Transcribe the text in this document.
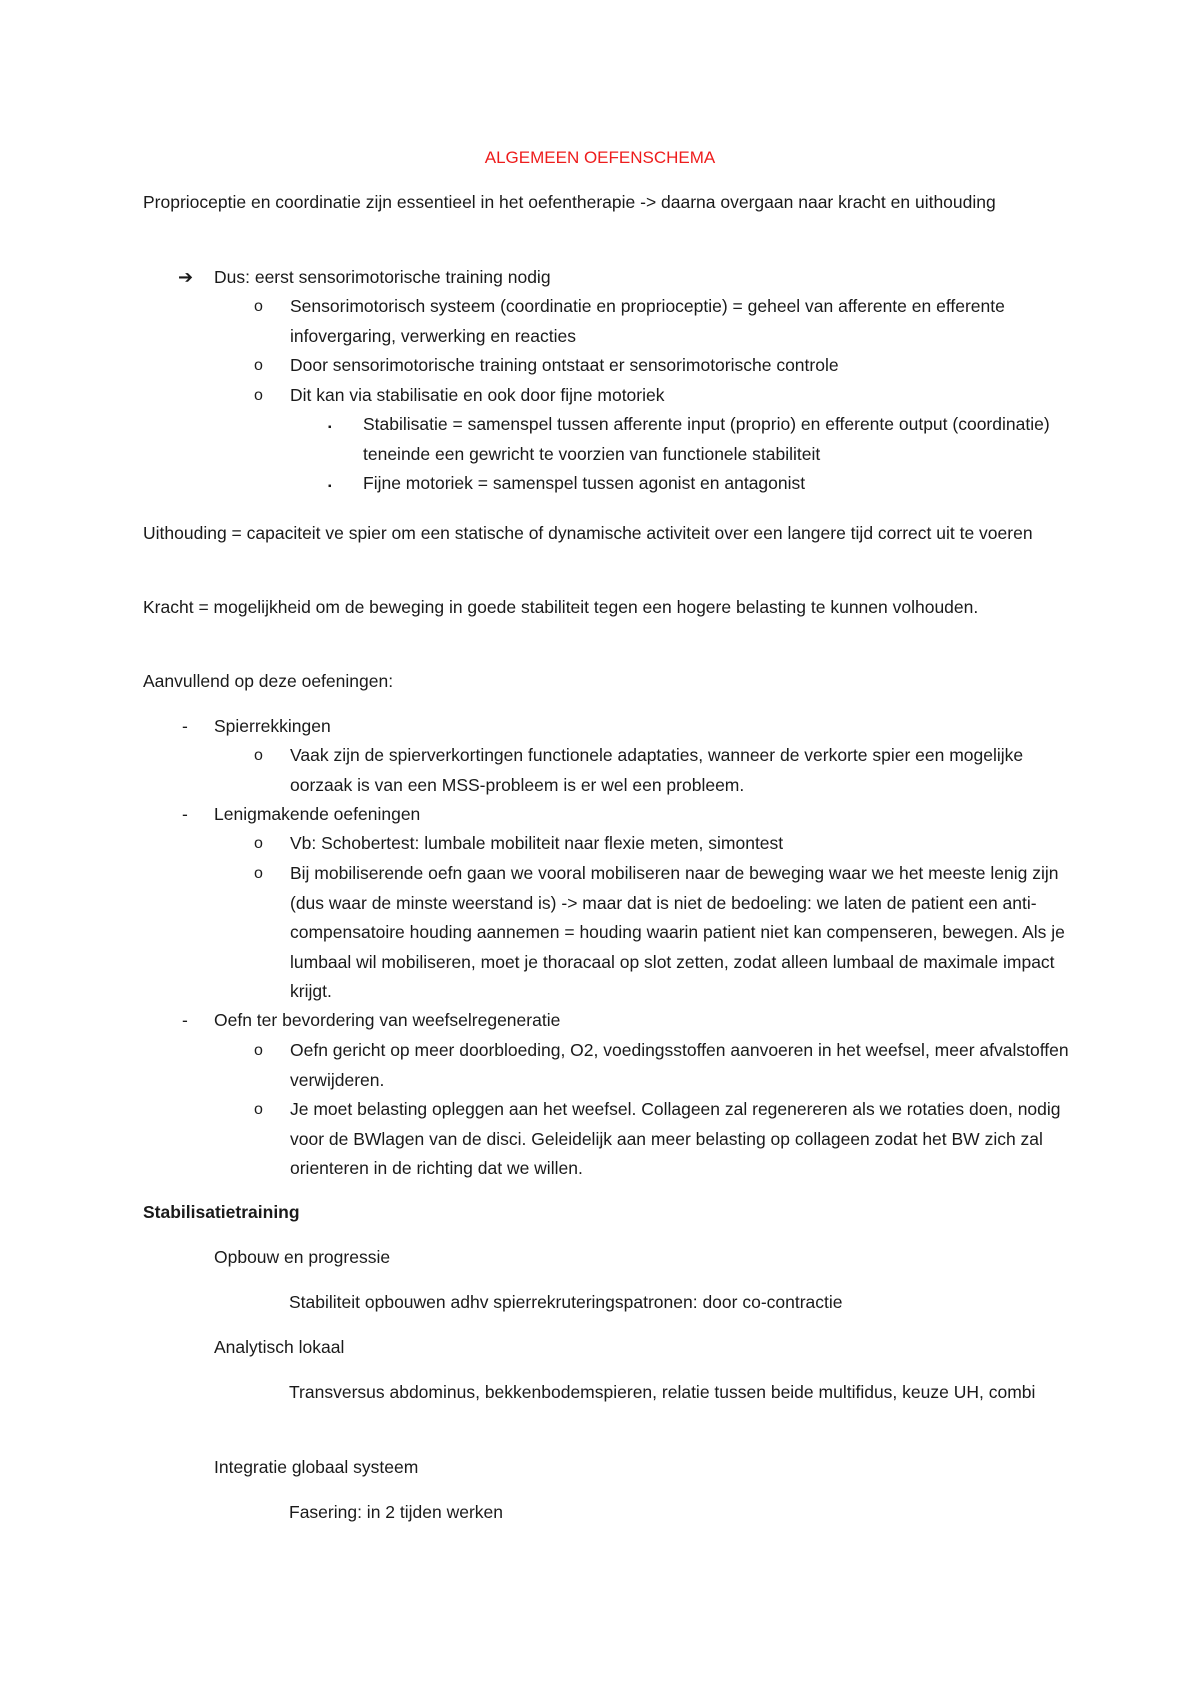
ALGEMEEN OEFENSCHEMA

Proprioceptie en coordinatie zijn essentieel in het oefentherapie -> daarna overgaan naar kracht en uithouding

➔ Dus: eerst sensorimotorische training nodig

o Sensorimotorisch systeem (coordinatie en proprioceptie) = geheel van afferente en efferente infovergaring, verwerking en reacties

o Door sensorimotorische training ontstaat er sensorimotorische controle

o Dit kan via stabilisatie en ook door fijne motoriek

▪ Stabilisatie = samenspel tussen afferente input (proprio) en efferente output (coordinatie) teneinde een gewricht te voorzien van functionele stabiliteit

▪ Fijne motoriek = samenspel tussen agonist en antagonist

Uithouding = capaciteit ve spier om een statische of dynamische activiteit over een langere tijd correct uit te voeren

Kracht = mogelijkheid om de beweging in goede stabiliteit tegen een hogere belasting te kunnen volhouden.

Aanvullend op deze oefeningen:

- Spierrekkingen

o Vaak zijn de spierverkortingen functionele adaptaties, wanneer de verkorte spier een mogelijke oorzaak is van een MSS-probleem is er wel een probleem.

- Lenigmakende oefeningen

o Vb: Schobertest: lumbale mobiliteit naar flexie meten, simontest

o Bij mobiliserende oefn gaan we vooral mobiliseren naar de beweging waar we het meeste lenig zijn (dus waar de minste weerstand is) -> maar dat is niet de bedoeling: we laten de patient een anti-compensatoire houding aannemen = houding waarin patient niet kan compenseren, bewegen. Als je lumbaal wil mobiliseren, moet je thoracaal op slot zetten, zodat alleen lumbaal de maximale impact krijgt.

- Oefn ter bevordering van weefselregeneratie

o Oefn gericht op meer doorbloeding, O2, voedingsstoffen aanvoeren in het weefsel, meer afvalstoffen verwijderen.

o Je moet belasting opleggen aan het weefsel. Collageen zal regenereren als we rotaties doen, nodig voor de BWlagen van de disci. Geleidelijk aan meer belasting op collageen zodat het BW zich zal orienteren in de richting dat we willen.

Stabilisatietraining

Opbouw en progressie

Stabiliteit opbouwen adhv spierrekruteringspatronen: door co-contractie

Analytisch lokaal

Transversus abdominus, bekkenbodemspieren, relatie tussen beide multifidus, keuze UH, combi

Integratie globaal systeem

Fasering: in 2 tijden werken
